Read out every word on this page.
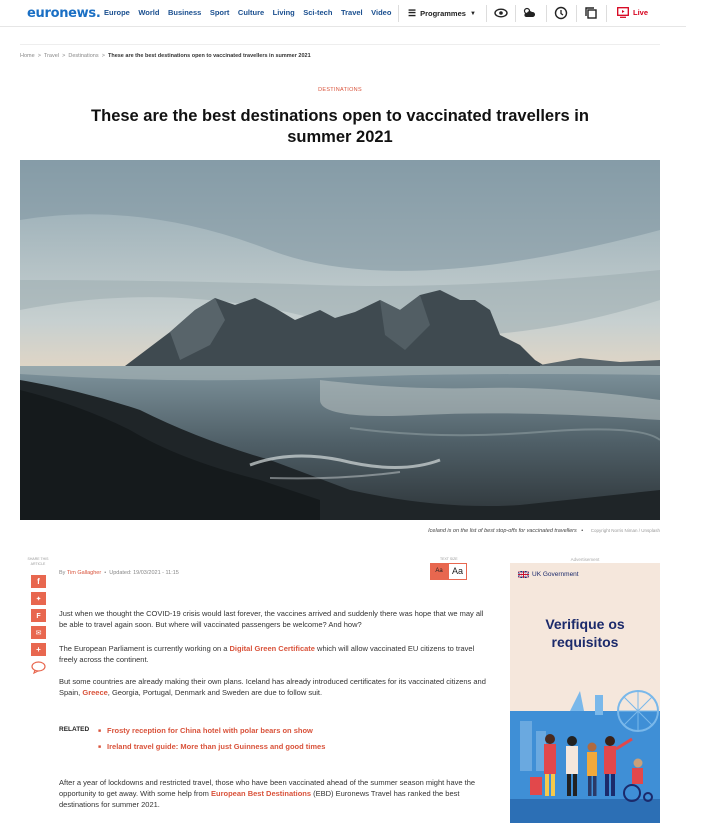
euronews. Europe World Business Sport Culture Living Sci-tech Travel Video ☰ Programmes ▼	Live
Home > Travel > Destinations > These are the best destinations open to vaccinated travellers in summer 2021
DESTINATIONS
These are the best destinations open to vaccinated travellers in summer 2021
Iceland is on the list of best stop-offs for vaccinated travellers • Copyright Norris Niman / Unsplash
SHARE THIS ARTICLE
f
✦
F
✉
+
By Tim Gallagher  •  Updated: 19/03/2021 - 11:15
TEXT SIZE
Aa	Aa

Just when we thought the COVID-19 crisis would last forever, the vaccines arrived and suddenly there was hope that we may all be able to travel again soon. But where will vaccinated passengers be welcome? And how?

The European Parliament is currently working on a Digital Green Certificate which will allow vaccinated EU citizens to travel freely across the continent.

But some countries are already making their own plans. Iceland has already introduced certificates for its vaccinated citizens and Spain, Greece, Georgia, Portugal, Denmark and Sweden are due to follow suit.

RELATED
■	Frosty reception for China hotel with polar bears on show
■ Ireland travel guide: More than just Guinness and good times

After a year of lockdowns and restricted travel, those who have been vaccinated ahead of the summer season might have the opportunity to get away. With some help from European Best Destinations (EBD) Euronews Travel has ranked the best destinations for summer 2021.

Advertisement
UK Government
Verifique os
requisitos
